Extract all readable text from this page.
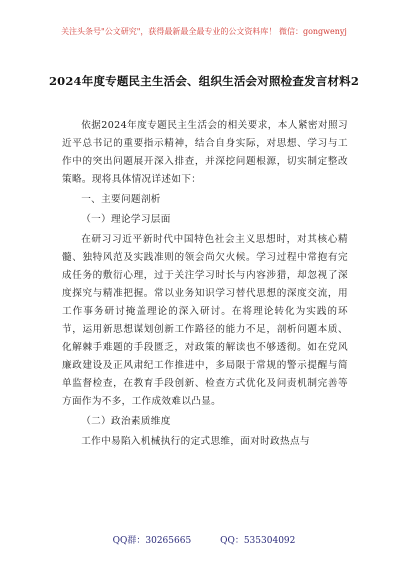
关注头条号"公文研究"，获得最新最全最专业的公文资料库！ 微信：gongwenyj
2024年度专题民主生活会、组织生活会对照检查发言材料2

依据2024年度专题民主生活会的相关要求，本人紧密对照习近平总书记的重要指示精神，结合自身实际，对思想、学习与工作中的突出问题展开深入排查，并深挖问题根源，切实制定整改策略。现将具体情况详述如下：

一、主要问题剖析

（一）理论学习层面

在研习习近平新时代中国特色社会主义思想时，对其核心精髓、独特风范及实践准则的领会尚欠火候。学习过程中常抱有完成任务的敷衍心理，过于关注学习时长与内容涉猎，却忽视了深度探究与精准把握。常以业务知识学习替代思想的深度交流，用工作事务研讨掩盖理论的深入研讨。在将理论转化为实践的环节，运用新思想谋划创新工作路径的能力不足，剖析问题本质、化解棘手难题的手段匮乏，对政策的解读也不够透彻。如在党风廉政建设及正风肃纪工作推进中，多局限于常规的警示提醒与简单监督检查，在教育手段创新、检查方式优化及问责机制完善等方面作为不多，工作成效难以凸显。

（二）政治素质维度

工作中易陷入机械执行的定式思维，面对时政热点与

QQ群：30265665	QQ：535304092
